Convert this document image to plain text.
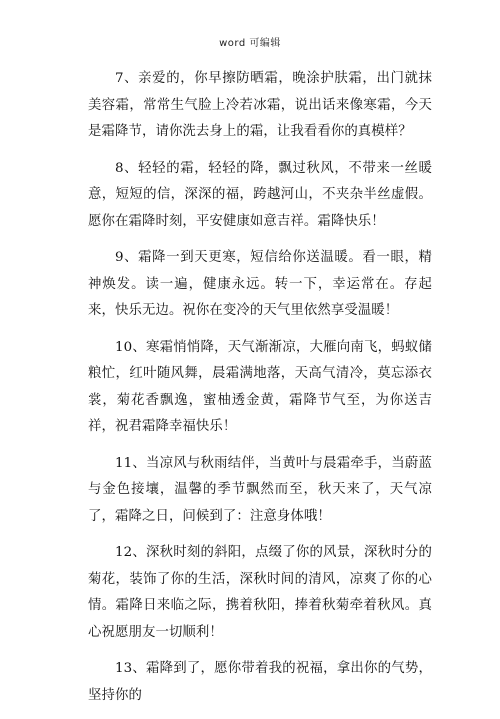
word 可编辑

7、亲爱的，你早擦防晒霜，晚涂护肤霜，出门就抹美容霜，常常生气脸上冷若冰霜，说出话来像寒霜，今天是霜降节，请你洗去身上的霜，让我看看你的真模样？

8、轻轻的霜，轻轻的降，飘过秋风，不带来一丝暖意，短短的信，深深的福，跨越河山，不夹杂半丝虚假。愿你在霜降时刻，平安健康如意吉祥。霜降快乐！

9、霜降一到天更寒，短信给你送温暖。看一眼，精神焕发。读一遍，健康永远。转一下，幸运常在。存起来，快乐无边。祝你在变冷的天气里依然享受温暖！

10、寒霜悄悄降，天气渐渐凉，大雁向南飞，蚂蚁储粮忙，红叶随风舞，晨霜满地落，天高气清冷，莫忘添衣裳，菊花香飘逸，蜜柚透金黄，霜降节气至，为你送吉祥，祝君霜降幸福快乐！

11、当凉风与秋雨结伴，当黄叶与晨霜牵手，当蔚蓝与金色接壤，温馨的季节飘然而至，秋天来了，天气凉了，霜降之日，问候到了：注意身体哦！

12、深秋时刻的斜阳，点缀了你的风景，深秋时分的菊花，装饰了你的生活，深秋时间的清风，凉爽了你的心情。霜降日来临之际，携着秋阳，捧着秋菊牵着秋风。真心祝愿朋友一切顺利！

13、霜降到了，愿你带着我的祝福，拿出你的气势，坚持你的
